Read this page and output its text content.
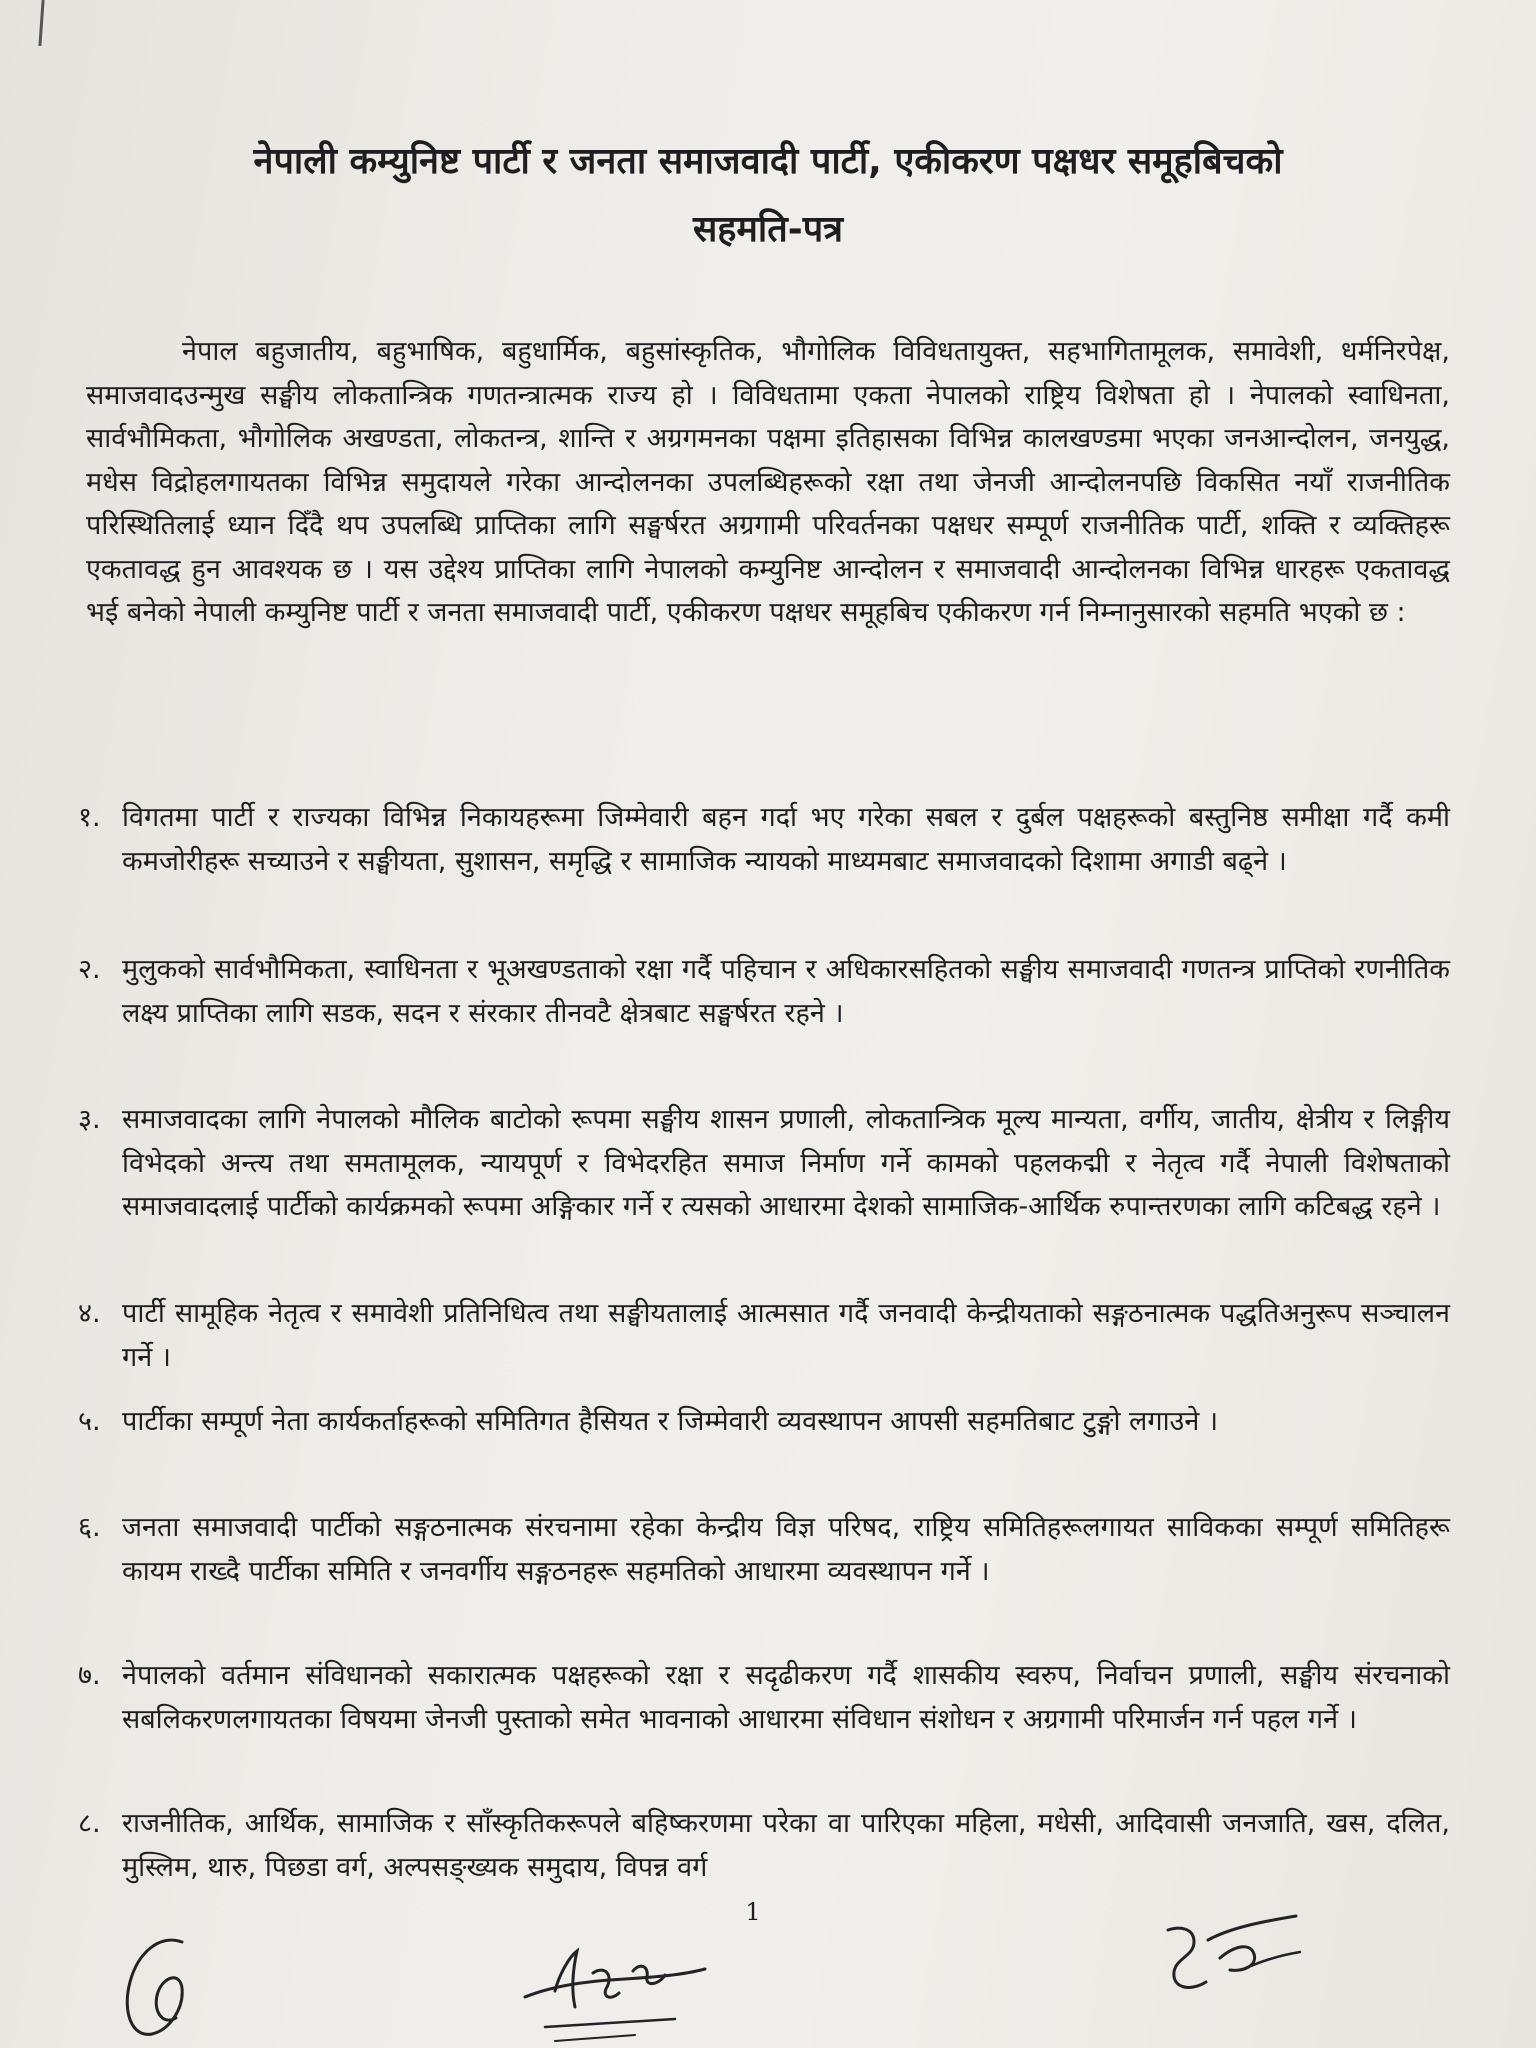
नेपाली कम्युनिष्ट पार्टी र जनता समाजवादी पार्टी, एकीकरण पक्षधर समूहबिचको
सहमति-पत्र
नेपाल बहुजातीय, बहुभाषिक, बहुधार्मिक, बहुसांस्कृतिक, भौगोलिक विविधतायुक्त, सहभागितामूलक, समावेशी, धर्मनिरपेक्ष, समाजवादउन्मुख सङ्घीय लोकतान्त्रिक गणतन्त्रात्मक राज्य हो । विविधतामा एकता नेपालको राष्ट्रिय विशेषता हो । नेपालको स्वाधिनता, सार्वभौमिकता, भौगोलिक अखण्डता, लोकतन्त्र, शान्ति र अग्रगमनका पक्षमा इतिहासका विभिन्न कालखण्डमा भएका जनआन्दोलन, जनयुद्ध, मधेस विद्रोहलगायतका विभिन्न समुदायले गरेका आन्दोलनका उपलब्धिहरूको रक्षा तथा जेनजी आन्दोलनपछि विकसित नयाँ राजनीतिक परिस्थितिलाई ध्यान दिँदै थप उपलब्धि प्राप्तिका लागि सङ्घर्षरत अग्रगामी परिवर्तनका पक्षधर सम्पूर्ण राजनीतिक पार्टी, शक्ति र व्यक्तिहरू एकतावद्ध हुन आवश्यक छ । यस उद्देश्य प्राप्तिका लागि नेपालको कम्युनिष्ट आन्दोलन र समाजवादी आन्दोलनका विभिन्न धारहरू एकतावद्ध भई बनेको नेपाली कम्युनिष्ट पार्टी र जनता समाजवादी पार्टी, एकीकरण पक्षधर समूहबिच एकीकरण गर्न निम्नानुसारको सहमति भएको छ :
१. विगतमा पार्टी र राज्यका विभिन्न निकायहरूमा जिम्मेवारी बहन गर्दा भए गरेका सबल र दुर्बल पक्षहरूको बस्तुनिष्ठ समीक्षा गर्दै कमी कमजोरीहरू सच्याउने र सङ्घीयता, सुशासन, समृद्धि र सामाजिक न्यायको माध्यमबाट समाजवादको दिशामा अगाडी बढ्ने ।
२. मुलुकको सार्वभौमिकता, स्वाधिनता र भूअखण्डताको रक्षा गर्दै पहिचान र अधिकारसहितको सङ्घीय समाजवादी गणतन्त्र प्राप्तिको रणनीतिक लक्ष्य प्राप्तिका लागि सडक, सदन र संरकार तीनवटै क्षेत्रबाट सङ्घर्षरत रहने ।
३. समाजवादका लागि नेपालको मौलिक बाटोको रूपमा सङ्घीय शासन प्रणाली, लोकतान्त्रिक मूल्य मान्यता, वर्गीय, जातीय, क्षेत्रीय र लिङ्गीय विभेदको अन्त्य तथा समतामूलक, न्यायपूर्ण र विभेदरहित समाज निर्माण गर्ने कामको पहलकद्मी र नेतृत्व गर्दै नेपाली विशेषताको समाजवादलाई पार्टीको कार्यक्रमको रूपमा अङ्गिकार गर्ने र त्यसको आधारमा देशको सामाजिक-आर्थिक रुपान्तरणका लागि कटिबद्ध रहने ।
४. पार्टी सामूहिक नेतृत्व र समावेशी प्रतिनिधित्व तथा सङ्घीयतालाई आत्मसात गर्दै जनवादी केन्द्रीयताको सङ्गठनात्मक पद्धतिअनुरूप सञ्चालन गर्ने ।
५. पार्टीका सम्पूर्ण नेता कार्यकर्ताहरूको समितिगत हैसियत र जिम्मेवारी व्यवस्थापन आपसी सहमतिबाट टुङ्गो लगाउने ।
६. जनता समाजवादी पार्टीको सङ्गठनात्मक संरचनामा रहेका केन्द्रीय विज्ञ परिषद, राष्ट्रिय समितिहरूलगायत साविकका सम्पूर्ण समितिहरू कायम राख्दै पार्टीका समिति र जनवर्गीय सङ्गठनहरू सहमतिको आधारमा व्यवस्थापन गर्ने ।
७. नेपालको वर्तमान संविधानको सकारात्मक पक्षहरूको रक्षा र सदृढीकरण गर्दै शासकीय स्वरुप, निर्वाचन प्रणाली, सङ्घीय संरचनाको सबलिकरणलगायतका विषयमा जेनजी पुस्ताको समेत भावनाको आधारमा संविधान संशोधन र अग्रगामी परिमार्जन गर्न पहल गर्ने ।
८. राजनीतिक, आर्थिक, सामाजिक र साँस्कृतिकरूपले बहिष्करणमा परेका वा पारिएका महिला, मधेसी, आदिवासी जनजाति, खस, दलित, मुस्लिम, थारु, पिछडा वर्ग, अल्पसङ्ख्यक समुदाय, विपन्न वर्ग
1
